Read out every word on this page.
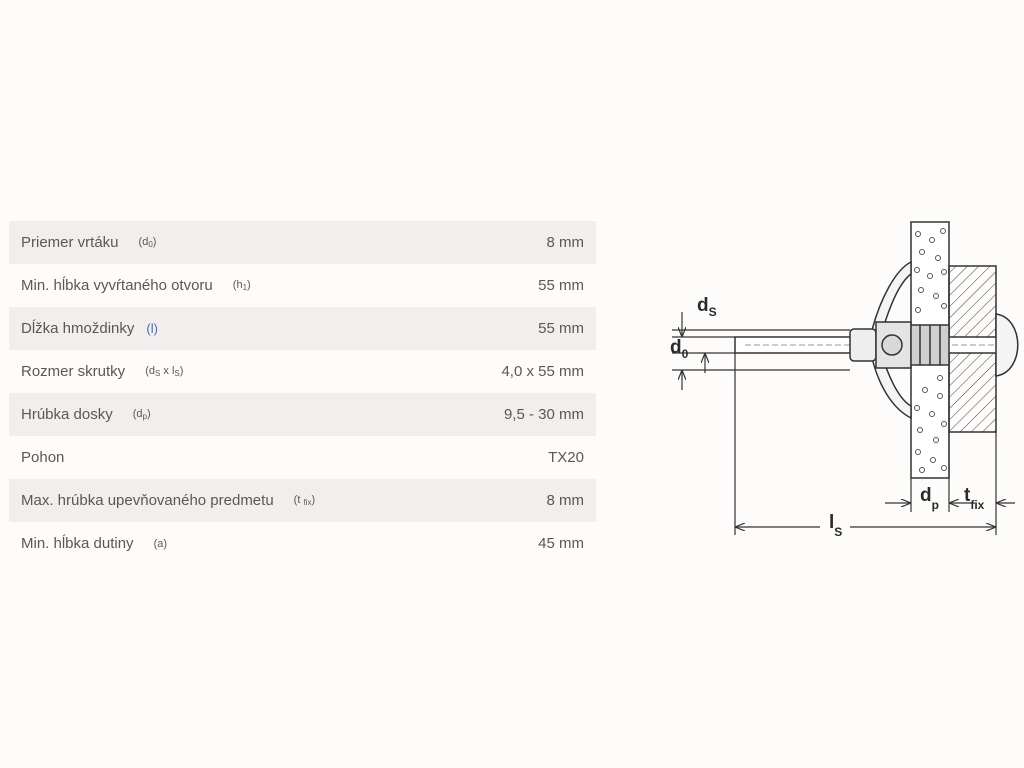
Priemer vrtáku $(d_0)$	8 mm
Min. hĺbka vyvŕtaného otvoru $(h_1)$	55 mm
Dĺžka hmoždinky (l)	55 mm
Rozmer skrutky ($d_S$ x $l_S$)	4,0 x 55 mm
Hrúbka dosky $(d_p)$	9,5 - 30 mm
Pohon	TX20
Max. hrúbka upevňovaného predmetu (t $_{fix}$)	8 mm
Min. hĺbka dutiny (a)	45 mm
$d_S$
$d_0$
$l_S$
$d_p$ $t_{fix}$
